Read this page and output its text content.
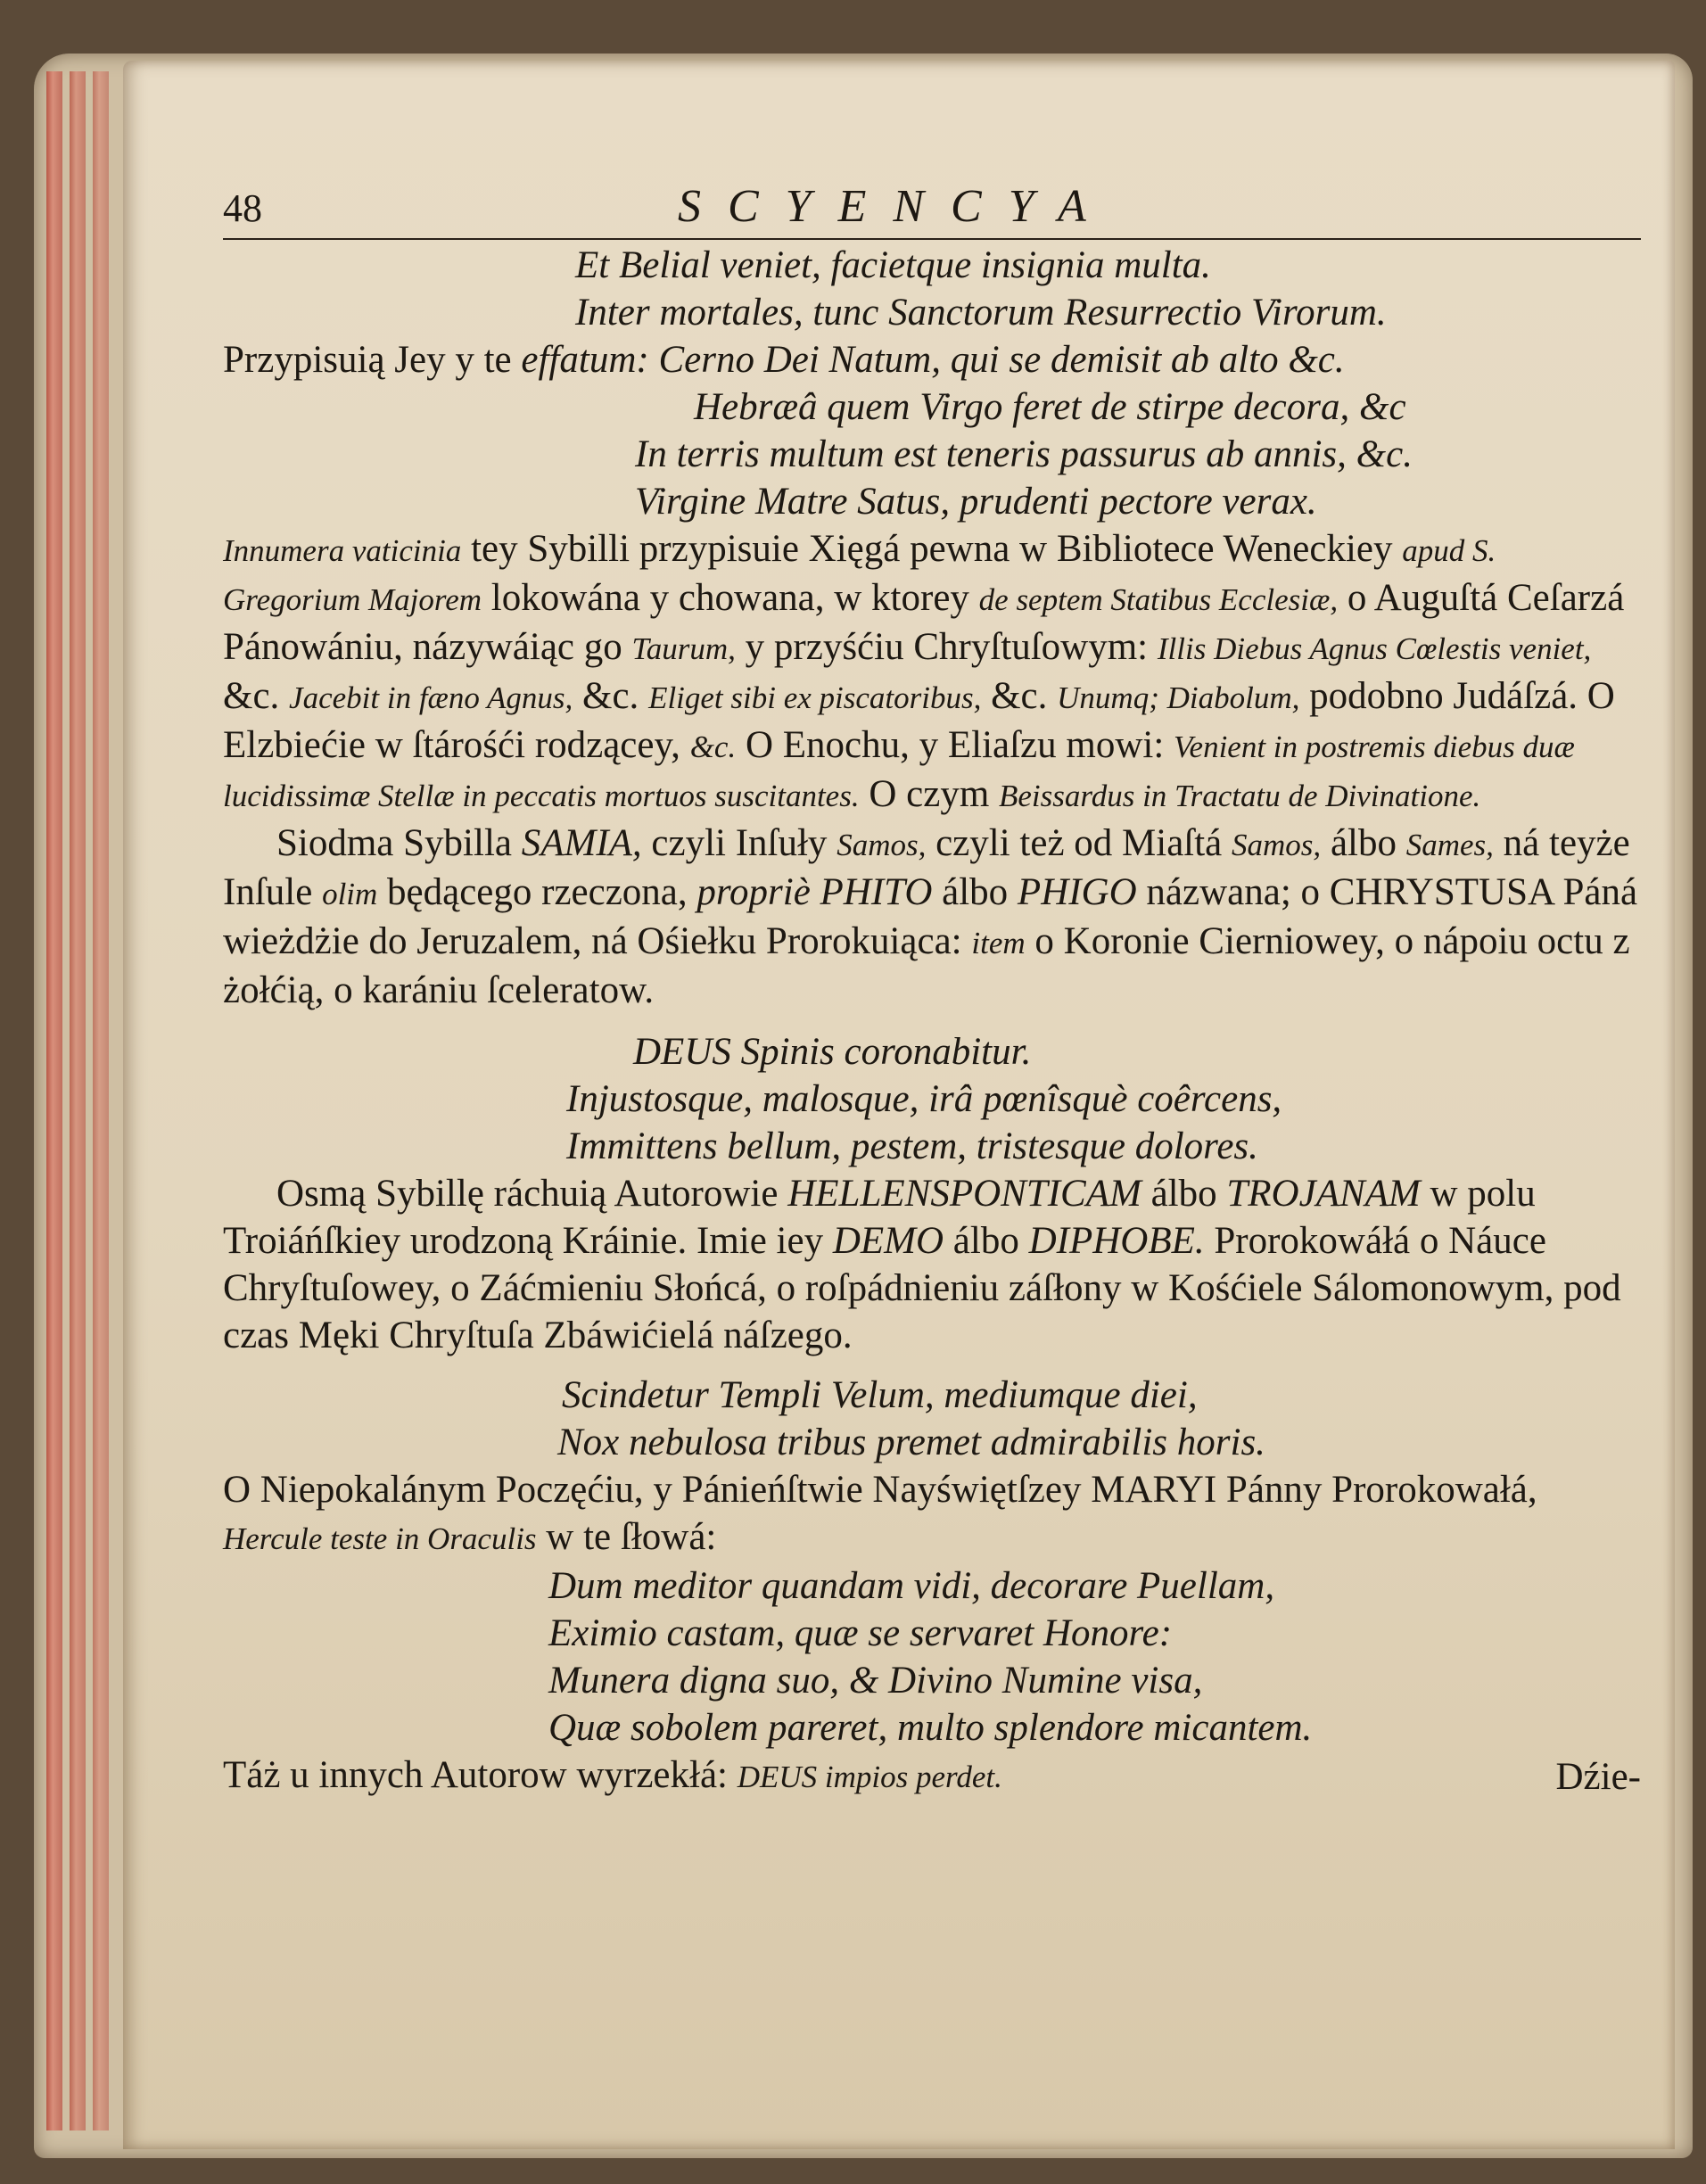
48	SCYENCYA

Et Belial veniet, facietque insignia multa.

Inter mortales, tunc Sanctorum Resurrectio Virorum.

Przypisuią Jey y te effatum: Cerno Dei Natum, qui se demisit ab alto &c.

Hebræâ quem Virgo feret de stirpe decora, &c

In terris multum est teneris passurus ab annis, &c.

Virgine Matre Satus, prudenti pectore verax.

Innumera vaticinia tey Sybilli przypisuie Xięgá pewna w Bibliotece Weneckiey apud S. Gregorium Majorem lokowána y chowana, w ktorey de septem Statibus Ecclesiæ, o Auguſtá Ceſarzá Pánowániu, názywáiąc go Taurum, y przyśćiu Chryſtuſowym: Illis Diebus Agnus Cœlestis veniet, &c. Jacebit in fæno Agnus, &c. Eliget sibi ex piscatoribus, &c. Unumq; Diabolum, podobno Judáſzá. O Elzbiećie w ſtárośći rodzącey, &c. O Enochu, y Eliaſzu mowi: Venient in postremis diebus duæ lucidissimæ Stellæ in peccatis mortuos suscitantes. O czym Beissardus in Tractatu de Divinatione.

Siodma Sybilla SAMIA, czyli Inſuły Samos, czyli też od Miaſtá Samos, álbo Sames, ná teyże Inſule olim będącego rzeczona, propriè PHITO álbo PHIGO názwana; o CHRYSTUSA Páná wieżdżie do Jeruzalem, ná Ośiełku Prorokuiąca: item o Koronie Cierniowey, o nápoiu octu z żołćią, o karániu ſceleratow.

DEUS Spinis coronabitur.

Injustosque, malosque, irâ pœnîsquè coêrcens,

Immittens bellum, pestem, tristesque dolores.

Osmą Sybillę ráchuią Autorowie HELLENSPONTICAM álbo TROJANAM w polu Troiáńſkiey urodzoną Kráinie. Imie iey DEMO álbo DIPHOBE. Prorokowáłá o Náuce Chryſtuſowey, o Záćmieniu Słońcá, o roſpádnieniu záſłony w Kośćiele Sálomonowym, pod czas Męki Chryſtuſa Zbáwićielá náſzego.

Scindetur Templi Velum, mediumque diei,

Nox nebulosa tribus premet admirabilis horis.

O Niepokalánym Poczęćiu, y Pánieńſtwie Nayświętſzey MARYI Pánny Prorokowałá, Hercule teste in Oraculis w te ſłowá:

Dum meditor quandam vidi, decorare Puellam,

Eximio castam, quæ se servaret Honore:

Munera digna suo, & Divino Numine visa,

Quæ sobolem pareret, multo splendore micantem.

Táż u innych Autorow wyrzekłá: DEUS impios perdet.	Dźie-
